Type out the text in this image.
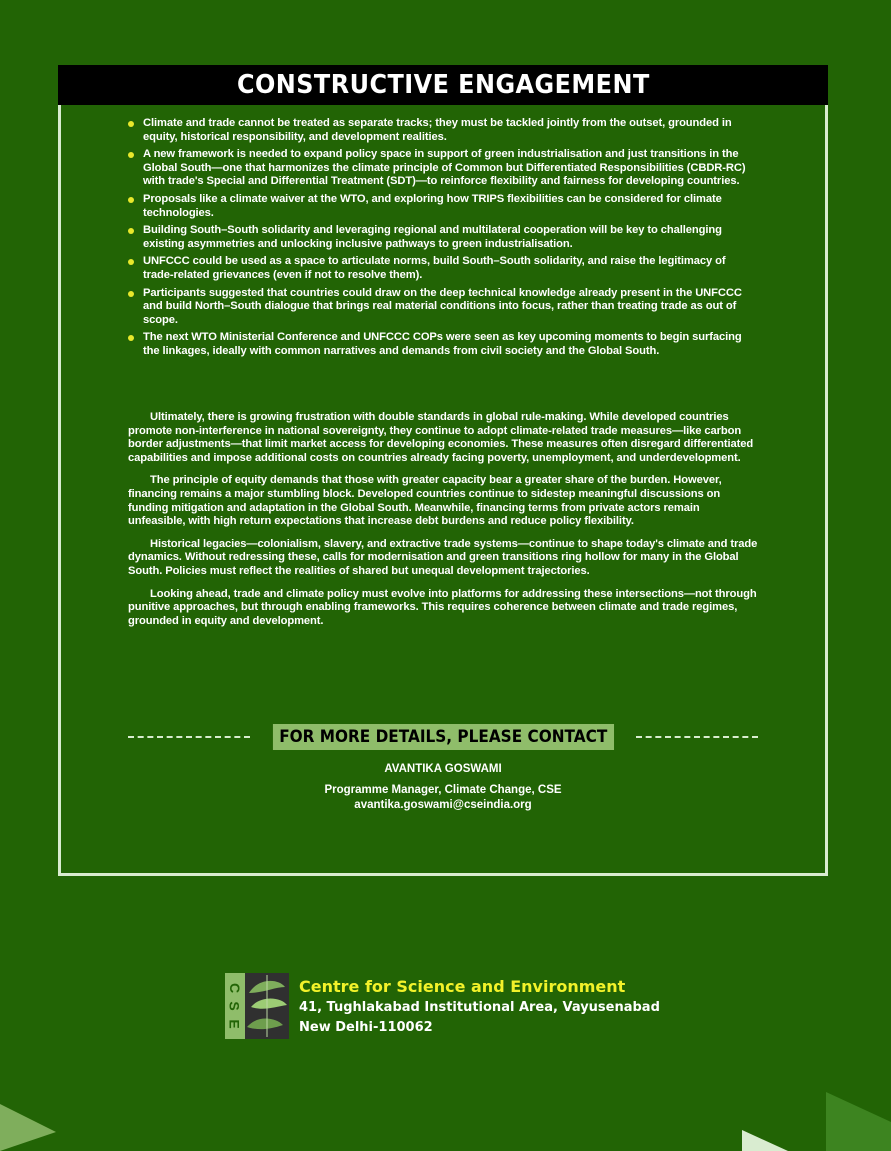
CONSTRUCTIVE ENGAGEMENT
Climate and trade cannot be treated as separate tracks; they must be tackled jointly from the outset, grounded in equity, historical responsibility, and development realities.
A new framework is needed to expand policy space in support of green industrialisation and just transitions in the Global South—one that harmonizes the climate principle of Common but Differentiated Responsibilities (CBDR-RC) with trade's Special and Differential Treatment (SDT)—to reinforce flexibility and fairness for developing countries.
Proposals like a climate waiver at the WTO, and exploring how TRIPS flexibilities can be considered for climate technologies.
Building South–South solidarity and leveraging regional and multilateral cooperation will be key to challenging existing asymmetries and unlocking inclusive pathways to green industrialisation.
UNFCCC could be used as a space to articulate norms, build South–South solidarity, and raise the legitimacy of trade-related grievances (even if not to resolve them).
Participants suggested that countries could draw on the deep technical knowledge already present in the UNFCCC and build North–South dialogue that brings real material conditions into focus, rather than treating trade as out of scope.
The next WTO Ministerial Conference and UNFCCC COPs were seen as key upcoming moments to begin surfacing the linkages, ideally with common narratives and demands from civil society and the Global South.

Ultimately, there is growing frustration with double standards in global rule-making. While developed countries promote non-interference in national sovereignty, they continue to adopt climate-related trade measures—like carbon border adjustments—that limit market access for developing economies. These measures often disregard differentiated capabilities and impose additional costs on countries already facing poverty, unemployment, and underdevelopment.

The principle of equity demands that those with greater capacity bear a greater share of the burden. However, financing remains a major stumbling block. Developed countries continue to sidestep meaningful discussions on funding mitigation and adaptation in the Global South. Meanwhile, financing terms from private actors remain unfeasible, with high return expectations that increase debt burdens and reduce policy flexibility.

Historical legacies—colonialism, slavery, and extractive trade systems—continue to shape today's climate and trade dynamics. Without redressing these, calls for modernisation and green transitions ring hollow for many in the Global South. Policies must reflect the realities of shared but unequal development trajectories.

Looking ahead, trade and climate policy must evolve into platforms for addressing these intersections—not through punitive approaches, but through enabling frameworks. This requires coherence between climate and trade regimes, grounded in equity and development.

FOR MORE DETAILS, PLEASE CONTACT
AVANTIKA GOSWAMI
Programme Manager, Climate Change, CSE
avantika.goswami@cseindia.org
C
S
E
Centre for Science and Environment
41, Tughlakabad Institutional Area, Vayusenabad
New Delhi-110062
